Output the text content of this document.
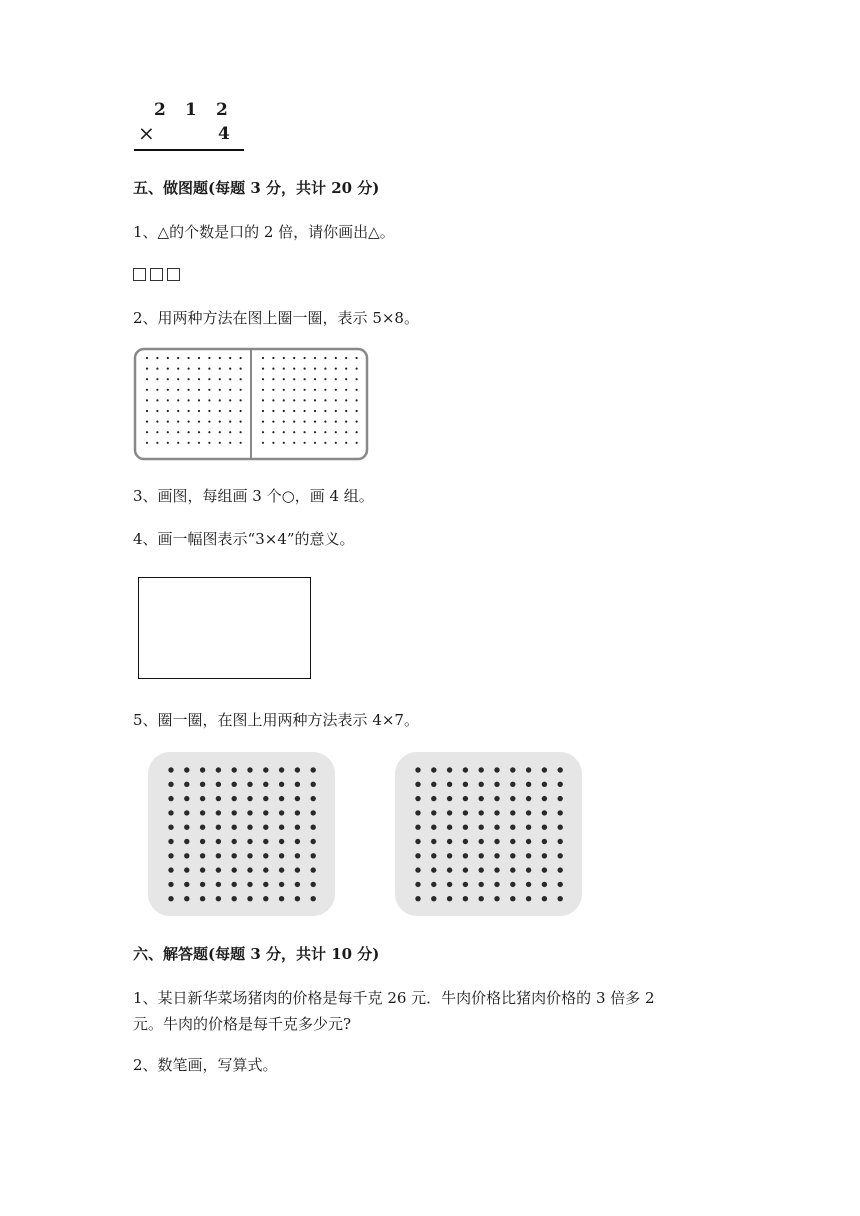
2 1 2
×	4
五、做图题(每题 3 分，共计 20 分)
1、△的个数是口的 2 倍，请你画出△。
2、用两种方法在图上圈一圈，表示 5×8。
3、画图，每组画 3 个○，画 4 组。
4、画一幅图表示“3×4”的意义。
5、圈一圈，在图上用两种方法表示 4×7。
六、解答题(每题 3 分，共计 10 分)
1、某日新华菜场猪肉的价格是每千克 26 元．牛肉价格比猪肉价格的 3 倍多 2
元。牛肉的价格是每千克多少元?
2、数笔画，写算式。
